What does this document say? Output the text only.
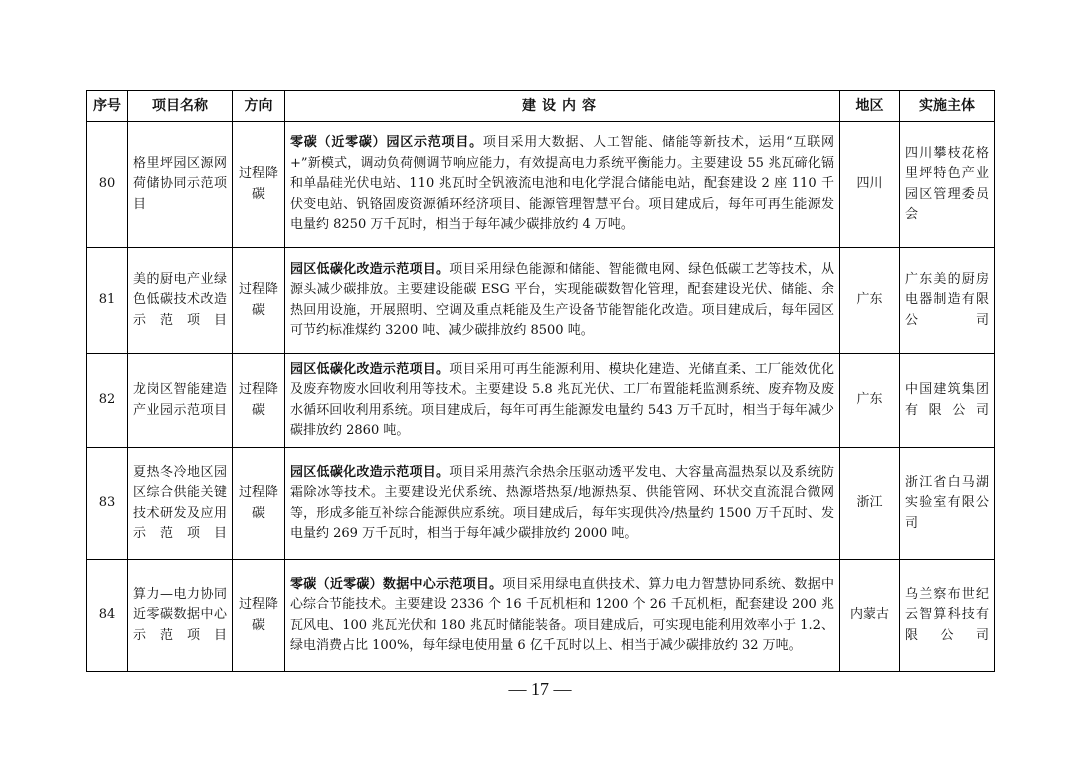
序号	项目名称	方向	建设内容	地区	实施主体
80	格里坪园区源网荷储协同示范项目	过程降碳	零碳（近零碳）园区示范项目。项目采用大数据、人工智能、储能等新技术，运用“互联网+”新模式，调动负荷侧调节响应能力，有效提高电力系统平衡能力。主要建设 55 兆瓦碲化镉和单晶硅光伏电站、110 兆瓦时全钒液流电池和电化学混合储能电站，配套建设 2 座 110 千伏变电站、钒铬固废资源循环经济项目、能源管理智慧平台。项目建成后，每年可再生能源发电量约 8250 万千瓦时，相当于每年减少碳排放约 4 万吨。	四川	四川攀枝花格里坪特色产业园区管理委员会
81	美的厨电产业绿色低碳技术改造示范项目	过程降碳	园区低碳化改造示范项目。项目采用绿色能源和储能、智能微电网、绿色低碳工艺等技术，从源头减少碳排放。主要建设能碳 ESG 平台，实现能碳数智化管理，配套建设光伏、储能、余热回用设施，开展照明、空调及重点耗能及生产设备节能智能化改造。项目建成后，每年园区可节约标准煤约 3200 吨、减少碳排放约 8500 吨。	广东	广东美的厨房电器制造有限公司
82	龙岗区智能建造产业园示范项目	过程降碳	园区低碳化改造示范项目。项目采用可再生能源利用、模块化建造、光储直柔、工厂能效优化及废弃物废水回收利用等技术。主要建设 5.8 兆瓦光伏、工厂布置能耗监测系统、废弃物及废水循环回收利用系统。项目建成后，每年可再生能源发电量约 543 万千瓦时，相当于每年减少碳排放约 2860 吨。	广东	中国建筑集团有限公司
83	夏热冬冷地区园区综合供能关键技术研发及应用示范项目	过程降碳	园区低碳化改造示范项目。项目采用蒸汽余热余压驱动透平发电、大容量高温热泵以及系统防霜除冰等技术。主要建设光伏系统、热源塔热泵/地源热泵、供能管网、环状交直流混合微网等，形成多能互补综合能源供应系统。项目建成后，每年实现供冷/热量约 1500 万千瓦时、发电量约 269 万千瓦时，相当于每年减少碳排放约 2000 吨。	浙江	浙江省白马湖实验室有限公司
84	算力—电力协同近零碳数据中心示范项目	过程降碳	零碳（近零碳）数据中心示范项目。项目采用绿电直供技术、算力电力智慧协同系统、数据中心综合节能技术。主要建设 2336 个 16 千瓦机柜和 1200 个 26 千瓦机柜，配套建设 200 兆瓦风电、100 兆瓦光伏和 180 兆瓦时储能装备。项目建成后，可实现电能利用效率小于 1.2、绿电消费占比 100%，每年绿电使用量 6 亿千瓦时以上、相当于减少碳排放约 32 万吨。	内蒙古	乌兰察布世纪云智算科技有限公司
— 17 —
